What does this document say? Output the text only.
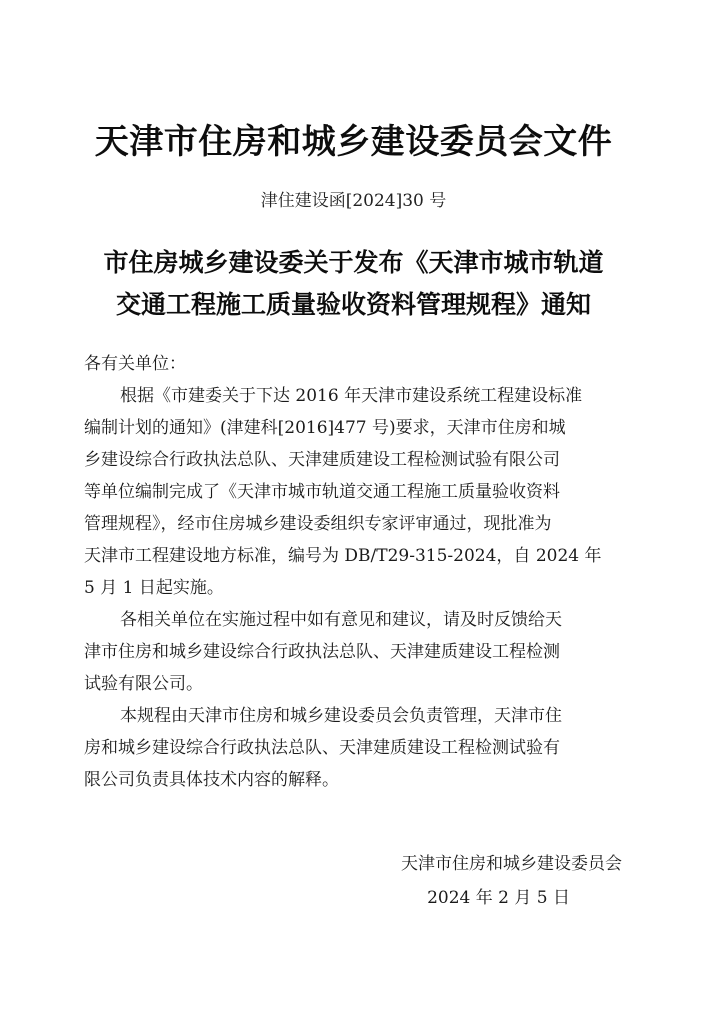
天津市住房和城乡建设委员会文件
津住建设函[2024]30 号
市住房城乡建设委关于发布《天津市城市轨道
交通工程施工质量验收资料管理规程》通知
各有关单位：
根据《市建委关于下达 2016 年天津市建设系统工程建设标准
编制计划的通知》(津建科[2016]477 号)要求，天津市住房和城
乡建设综合行政执法总队、天津建质建设工程检测试验有限公司
等单位编制完成了《天津市城市轨道交通工程施工质量验收资料
管理规程》，经市住房城乡建设委组织专家评审通过，现批准为
天津市工程建设地方标准，编号为 DB/T29-315-2024，自 2024 年
5 月 1 日起实施。
各相关单位在实施过程中如有意见和建议，请及时反馈给天
津市住房和城乡建设综合行政执法总队、天津建质建设工程检测
试验有限公司。
本规程由天津市住房和城乡建设委员会负责管理，天津市住
房和城乡建设综合行政执法总队、天津建质建设工程检测试验有
限公司负责具体技术内容的解释。
天津市住房和城乡建设委员会
2024 年 2 月 5 日
